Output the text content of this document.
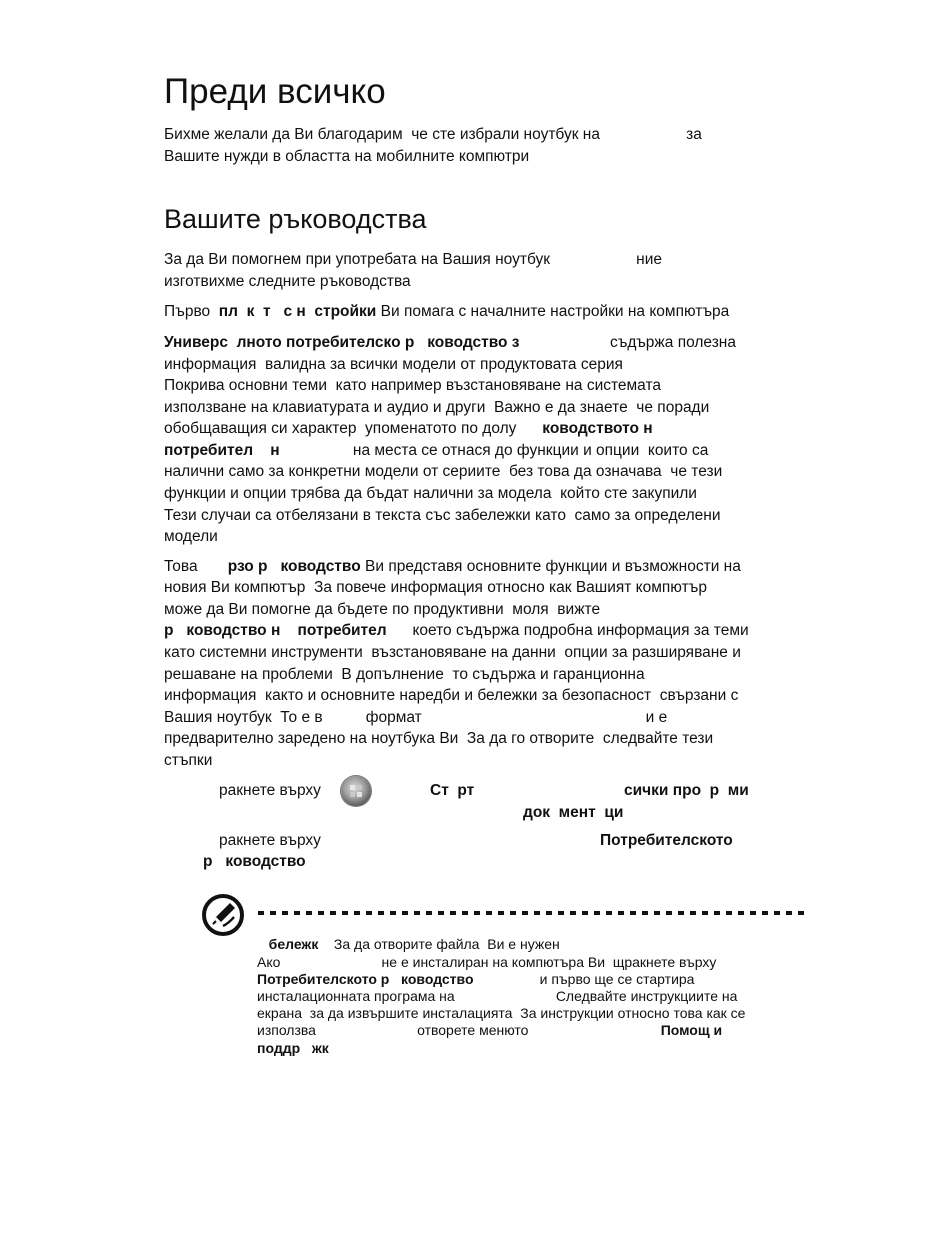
Преди всичко
Бихме желали да Ви благодарим  че сте избрали ноутбук на                    за
Вашите нужди в областта на мобилните компютри
Вашите ръководства
За да Ви помогнем при употребата на Вашия ноутбук                    ние
изготвихме следните ръководства
Първо  пл  к  т   с н  стройки Ви помага с началните настройки на компютъра
Универс  лното потребителско р   ководство з                     съдържа полезна
информация  валидна за всички модели от продуктовата серия
Покрива основни теми  като например възстановяване на системата
използване на клавиатурата и аудио и други  Важно е да знаете  че поради
обобщаващия си характер  упоменатото по долу      ководството н
потребител    н                 на места се отнася до функции и опции  които са
налични само за конкретни модели от сериите  без това да означава  че тези
функции и опции трябва да бъдат налични за модела  който сте закупили
Тези случаи са отбелязани в текста със забележки като  само за определени
модели
Това       рзо р   ководство Ви представя основните функции и възможности на
новия Ви компютър  За повече информация относно как Вашият компютър
може да Ви помогне да бъдете по продуктивни  моля  вижте
р   ководство н    потребител      което съдържа подробна информация за теми
като системни инструменти  възстановяване на данни  опции за разширяване и
решаване на проблеми  В допълнение  то съдържа и гаранционна
информация  както и основните наредби и бележки за безопасност  свързани с
Вашия ноутбук  То е в          формат                                                    и е
предварително заредено на ноутбука Ви  За да го отворите  следвайте тези
стъпки
ракнете върху	Ст  рт	сички про  р  ми
док  мент  ци
ракнете върху	Потребителското
р   ководство
бележк    За да отворите файла  Ви е нужен
Ако                          не е инсталиран на компютъра Ви  щракнете върху
Потребителското р   ководство                 и първо ще се стартира
инсталационната програма на                          Следвайте инструкциите на
екрана  за да извършите инсталацията  За инструкции относно това как се
използва                          отворете менюто                                  Помощ и
поддр   жк
